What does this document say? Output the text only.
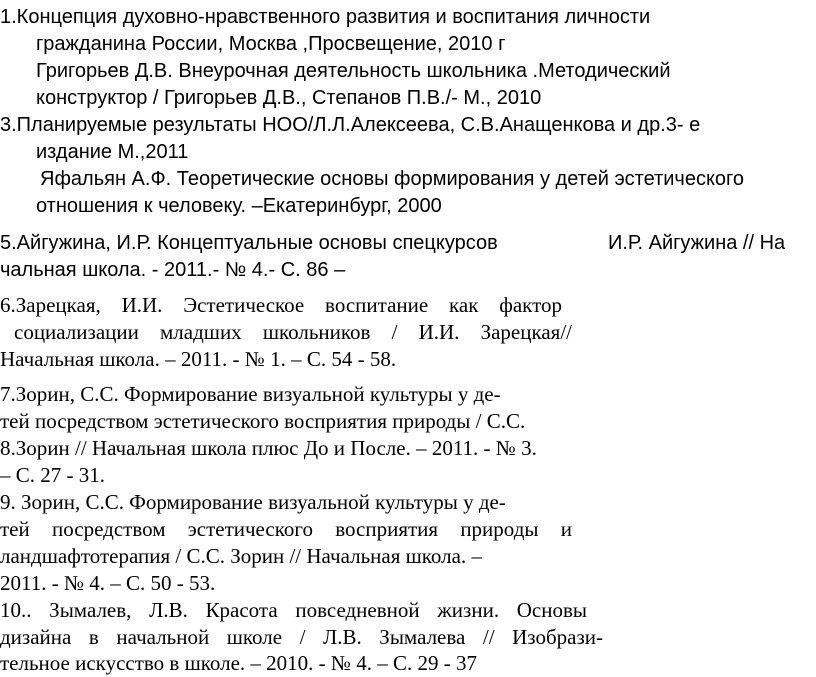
1.Концепция духовно-нравственного развития и воспитания личности
гражданина России, Москва ,Просвещение, 2010 г
Григорьев Д.В. Внеурочная деятельность школьника .Методический
конструктор / Григорьев Д.В., Степанов П.В./- М., 2010
3.Планируемые результаты НОО/Л.Л.Алексеева, С.В.Анащенкова и др.3- е
издание М.,2011
Яфальян А.Ф. Теоретические основы формирования у детей эстетического
отношения к человеку. –Екатеринбург, 2000
5.Айгужина, И.Р. Концептуальные основы спецкурсов	И.Р. Айгужина // На
чальная школа. - 2011.- № 4.- С. 86 –
6.Зарецкая, И.И. Эстетическое воспитание как фактор
социализации младших школьников / И.И. Зарецкая//
Начальная школа. – 2011. - № 1. – С. 54 - 58.
7.Зорин, С.С. Формирование визуальной культуры у де-
тей посредством эстетического восприятия природы / С.С.
8.Зорин // Начальная школа плюс До и После. – 2011. - № 3.
– С. 27 - 31.
9. Зорин, С.С. Формирование визуальной культуры у де-
тей посредством эстетического восприятия природы и
ландшафтотерапия / С.С. Зорин // Начальная школа. –
2011. - № 4. – С. 50 - 53.
10.. Зымалев, Л.В. Красота повседневной жизни. Основы
дизайна в начальной школе / Л.В. Зымалева // Изобрази-
тельное искусство в школе. – 2010. - № 4. – С. 29 - 37
